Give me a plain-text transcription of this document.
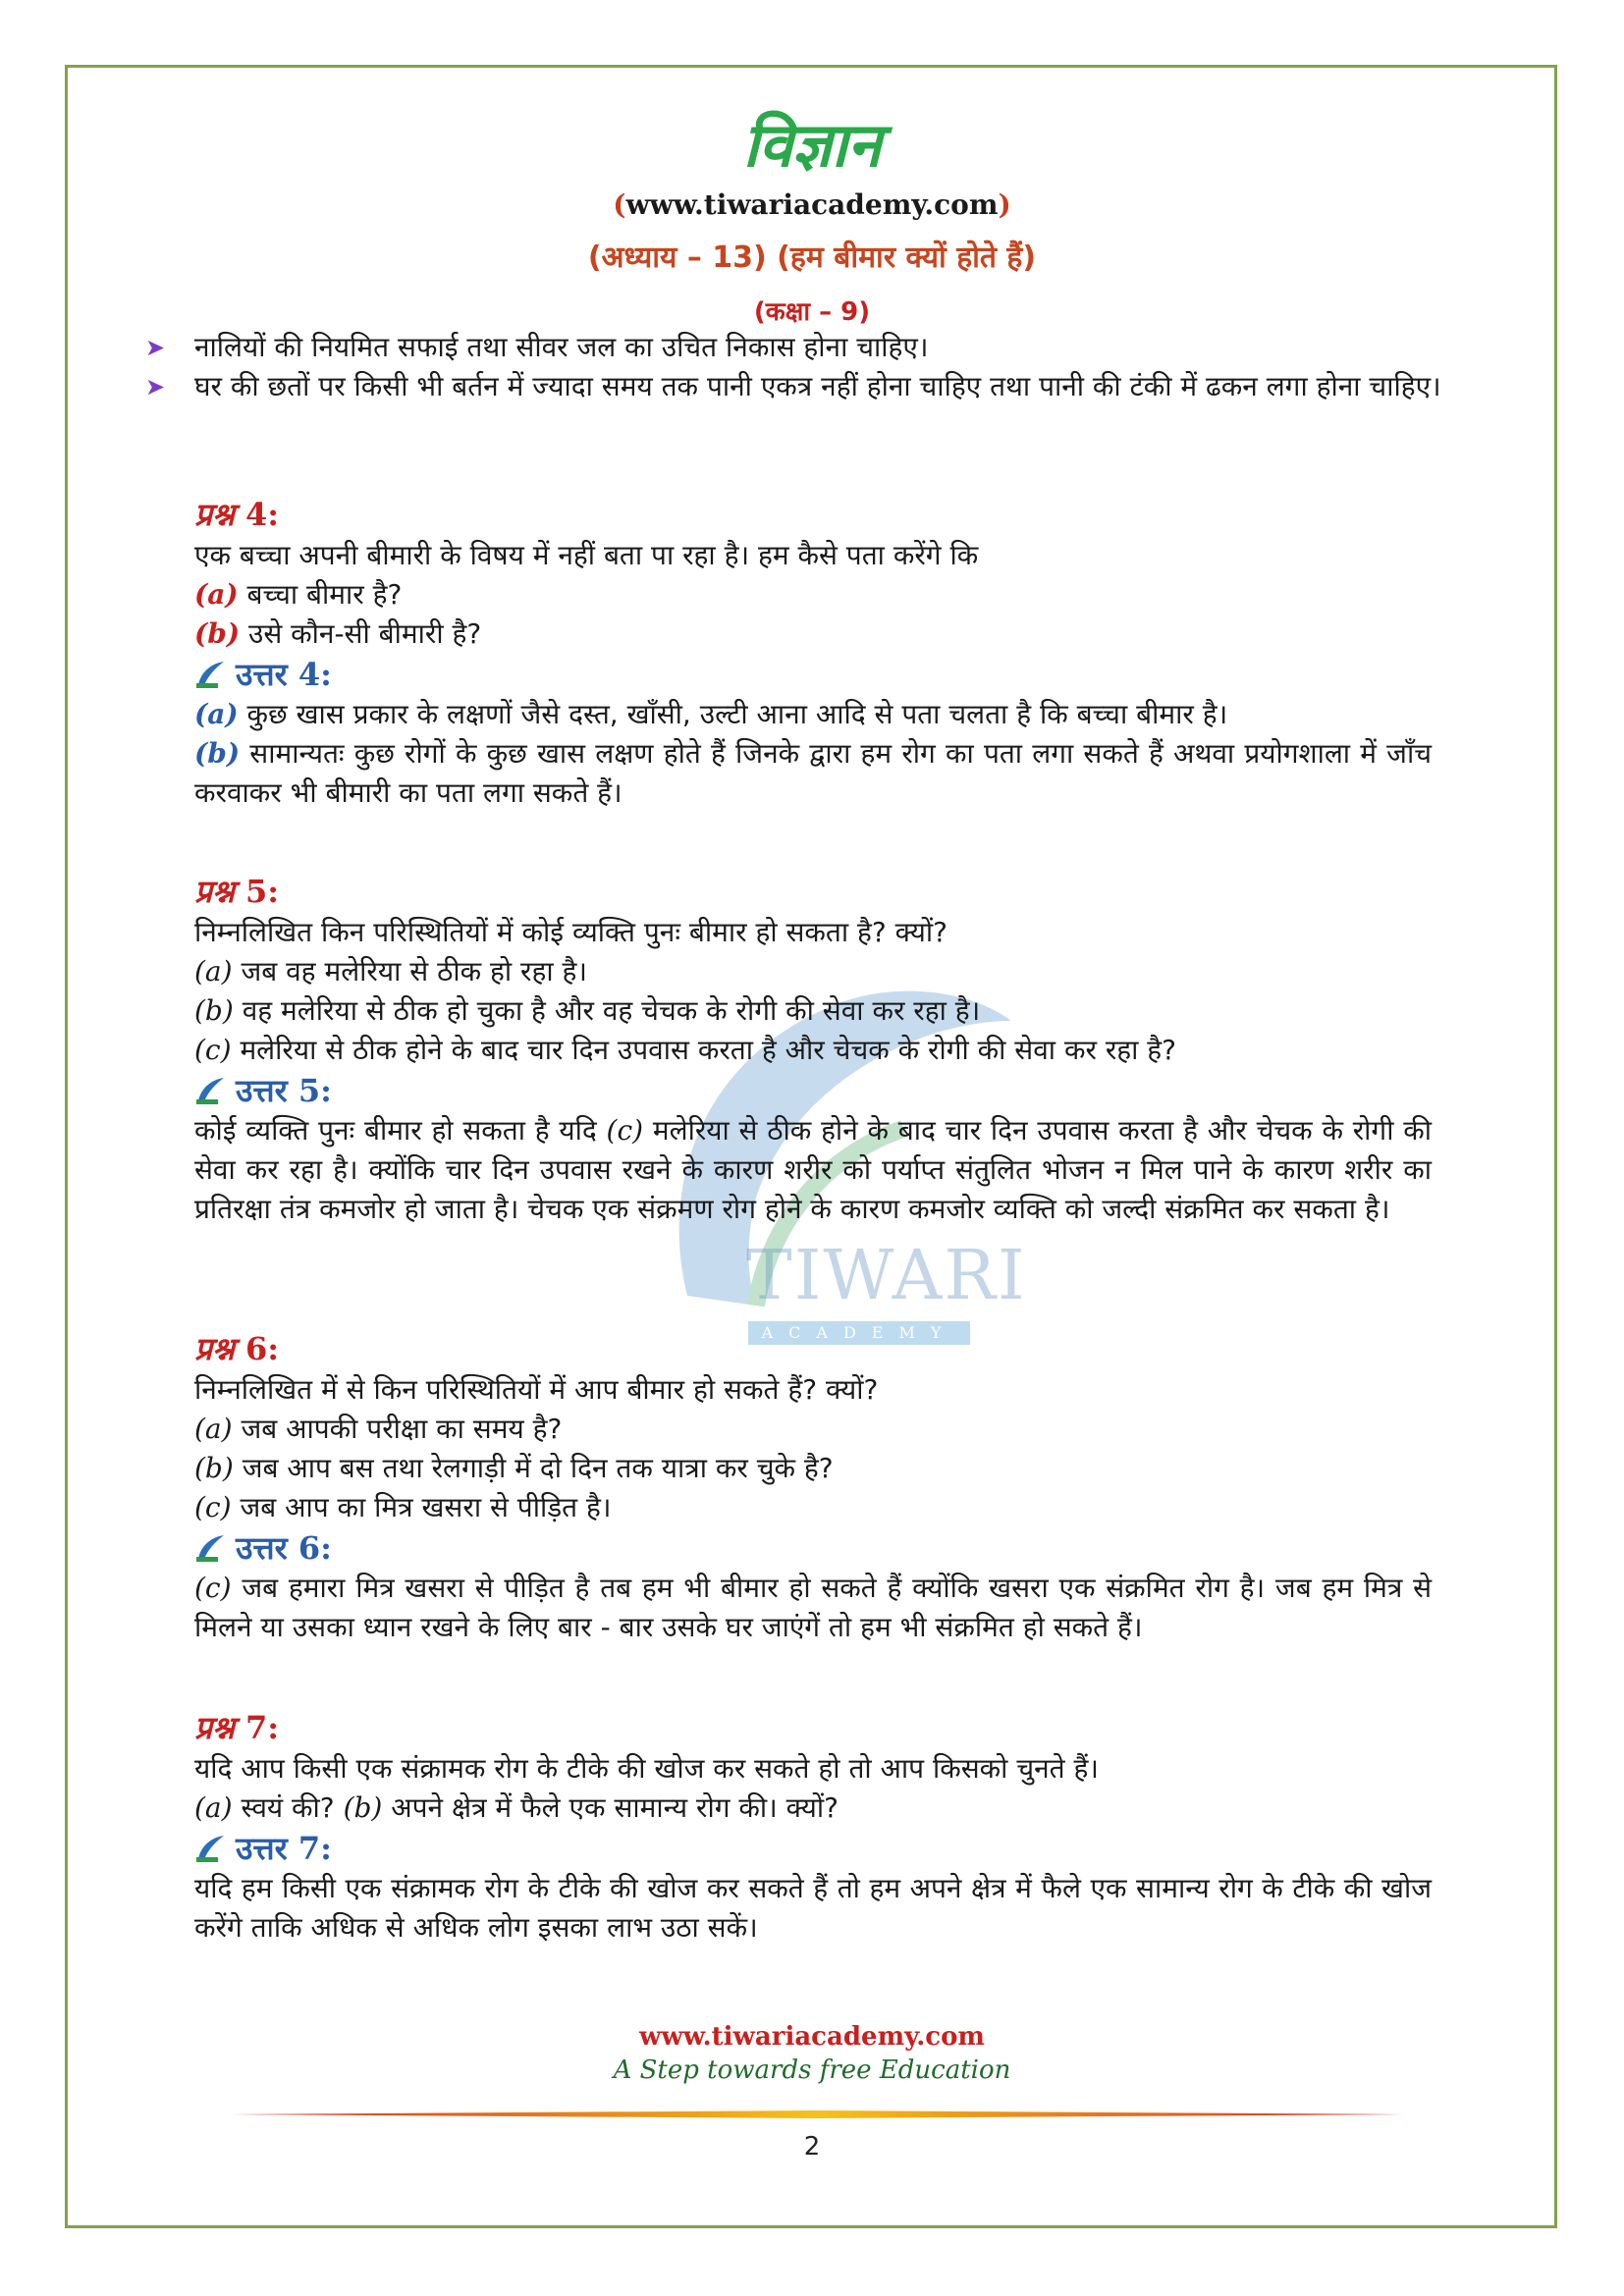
TIWARI
ACADEMY
विज्ञान
(www.tiwariacademy.com)
(अध्याय – 13) (हम बीमार क्यों होते हैं)
(कक्षा – 9)

➤ नालियों की नियमित सफाई तथा सीवर जल का उचित निकास होना चाहिए।

➤ घर की छतों पर किसी भी बर्तन में ज्यादा समय तक पानी एकत्र नहीं होना चाहिए तथा पानी की टंकी में ढकन लगा होना चाहिए।

प्रश्न 4:

एक बच्चा अपनी बीमारी के विषय में नहीं बता पा रहा है। हम कैसे पता करेंगे कि

(a) बच्चा बीमार है?

(b) उसे कौन-सी बीमारी है?

उत्तर 4:

(a) कुछ खास प्रकार के लक्षणों जैसे दस्त, खाँसी, उल्टी आना आदि से पता चलता है कि बच्चा बीमार है।

(b) सामान्यतः कुछ रोगों के कुछ खास लक्षण होते हैं जिनके द्वारा हम रोग का पता लगा सकते हैं अथवा प्रयोगशाला में जाँच करवाकर भी बीमारी का पता लगा सकते हैं।

प्रश्न 5:

निम्नलिखित किन परिस्थितियों में कोई व्यक्ति पुनः बीमार हो सकता है? क्यों?

(a) जब वह मलेरिया से ठीक हो रहा है।

(b) वह मलेरिया से ठीक हो चुका है और वह चेचक के रोगी की सेवा कर रहा है।

(c) मलेरिया से ठीक होने के बाद चार दिन उपवास करता है और चेचक के रोगी की सेवा कर रहा है?

उत्तर 5:

कोई व्यक्ति पुनः बीमार हो सकता है यदि (c) मलेरिया से ठीक होने के बाद चार दिन उपवास करता है और चेचक के रोगी की सेवा कर रहा है। क्योंकि चार दिन उपवास रखने के कारण शरीर को पर्याप्त संतुलित भोजन न मिल पाने के कारण शरीर का प्रतिरक्षा तंत्र कमजोर हो जाता है। चेचक एक संक्रमण रोग होने के कारण कमजोर व्यक्ति को जल्दी संक्रमित कर सकता है।

प्रश्न 6:

निम्नलिखित में से किन परिस्थितियों में आप बीमार हो सकते हैं? क्यों?

(a) जब आपकी परीक्षा का समय है?

(b) जब आप बस तथा रेलगाड़ी में दो दिन तक यात्रा कर चुके है?

(c) जब आप का मित्र खसरा से पीड़ित है।

उत्तर 6:

(c) जब हमारा मित्र खसरा से पीड़ित है तब हम भी बीमार हो सकते हैं क्योंकि खसरा एक संक्रमित रोग है। जब हम मित्र से मिलने या उसका ध्यान रखने के लिए बार - बार उसके घर जाएंगें तो हम भी संक्रमित हो सकते हैं।

प्रश्न 7:

यदि आप किसी एक संक्रामक रोग के टीके की खोज कर सकते हो तो आप किसको चुनते हैं।

(a) स्वयं की? (b) अपने क्षेत्र में फैले एक सामान्य रोग की। क्यों?

उत्तर 7:

यदि हम किसी एक संक्रामक रोग के टीके की खोज कर सकते हैं तो हम अपने क्षेत्र में फैले एक सामान्य रोग के टीके की खोज करेंगे ताकि अधिक से अधिक लोग इसका लाभ उठा सकें।

www.tiwariacademy.com
A Step towards free Education
2
